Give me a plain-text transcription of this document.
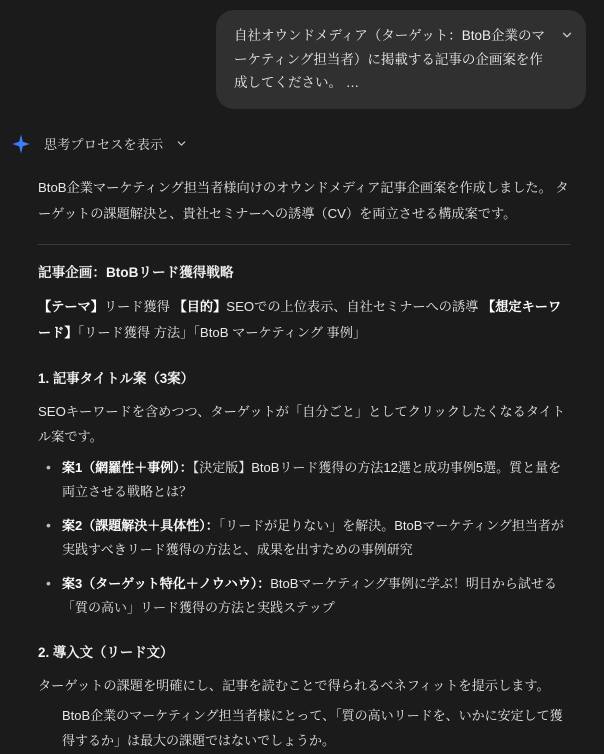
自社オウンドメディア（ターゲット：BtoB企業のマーケティング担当者）に掲載する記事の企画案を作成してください。 …
思考プロセスを表示

BtoB企業マーケティング担当者様向けのオウンドメディア記事企画案を作成しました。 ターゲットの課題解決と、貴社セミナーへの誘導（CV）を両立させる構成案です。

記事企画：BtoBリード獲得戦略

【テーマ】リード獲得 【目的】SEOでの上位表示、自社セミナーへの誘導 【想定キーワード】「リード獲得 方法」「BtoB マーケティング 事例」

1. 記事タイトル案（3案）

SEOキーワードを含めつつ、ターゲットが「自分ごと」としてクリックしたくなるタイトル案です。

• 案1（網羅性＋事例）：【決定版】BtoBリード獲得の方法12選と成功事例5選。質と量を両立させる戦略とは？
• 案2（課題解決＋具体性）：「リードが足りない」を解決。BtoBマーケティング担当者が実践すべきリード獲得の方法と、成果を出すための事例研究
• 案3（ターゲット特化＋ノウハウ）：BtoBマーケティング事例に学ぶ！明日から試せる「質の高い」リード獲得の方法と実践ステップ
2. 導入文（リード文）

ターゲットの課題を明確にし、記事を読むことで得られるベネフィットを提示します。

BtoB企業のマーケティング担当者様にとって、「質の高いリードを、いかに安定して獲得するか」は最大の課題ではないでしょうか。
